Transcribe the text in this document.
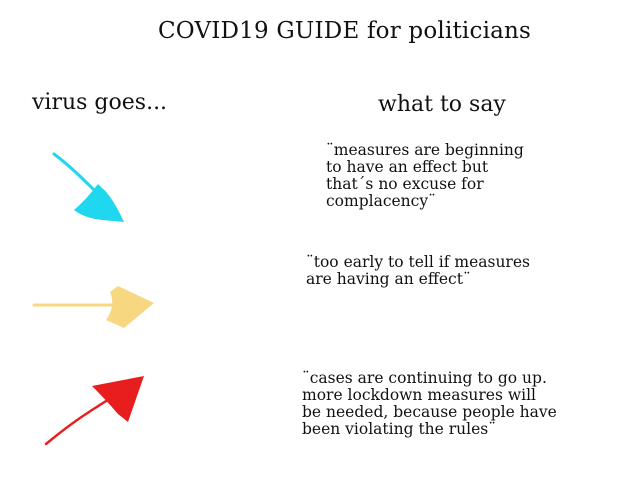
COVID19 GUIDE for politicians
virus goes...	what to say
¨measures are beginning
to have an effect but
that´s no excuse for
complacency¨
¨too early to tell if measures
are having an effect¨
¨cases are continuing to go up.
more lockdown measures will
be needed, because people have
been violating the rules¨
